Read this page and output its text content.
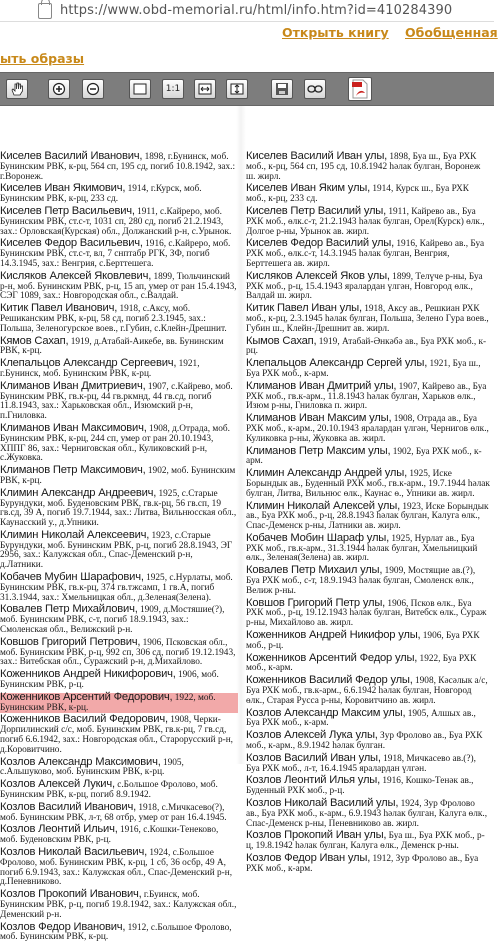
https://www.obd-memorial.ru/html/info.htm?id=410284390
Открыть книгу Обобщенная
ыть образы
1:1
Киселев Василий Иванович, 1898, г.Бунинск, моб. Бунинским РВК, к-рц, 564 сп, 195 сд, погиб 10.8.1942, зах.: г.Воронеж.
Киселев Иван Якимович, 1914, г.Курск, моб. Бунинским РВК, к-рц, 233 сд.
Киселев Петр Васильевич, 1911, с.Кайреро, моб. Бунинским РВК, ст.с-т, 1031 сп, 280 сд, погиб 21.2.1943, зах.: Орловская(Курская) обл., Должанский р-н, с.Урынок.
Киселев Федор Васильевич, 1916, с.Кайреро, моб. Бунинским РВК, ст.с-т, вл, 7 снптабр РГК, ЗФ, погиб 14.3.1945, зах.: Венгрия, с.Берттешега.
Кисляков Алексей Яковлевич, 1899, Тюльчинский р-н, моб. Бунинским РВК, р-ц, 15 ап, умер от ран 15.4.1943, СЭГ 1089, зах.: Новгородская обл., с.Валдай.
Китик Павел Иванович, 1918, с.Аксу, моб. Решиканским РВК, к-рц, 58 сд, погиб 2.3.1945, зах.: Польша, Зеленогурское воев., г.Губин, с.Клейн-Дрешнит.
Кямов Сахап, 1919, д.Атабай-Аикебе, вв. Бунинским РВК, к-рц.
Клепальцов Александр Сергеевич, 1921, г.Бунинск, моб. Бунинским РВК, к-рц.
Климанов Иван Дмитриевич, 1907, с.Кайрево, моб. Бунинским РВК, гв.к-рц, 44 гв.ркмнд, 44 гв.сд, погиб 11.8.1943, зах.: Харьковская обл., Изюмский р-н, п.Гниловка.
Климанов Иван Максимович, 1908, д.Отрада, моб. Бунинским РВК, к-рц, 244 сп, умер от ран 20.10.1943, ХППГ 86, зах.: Черниговская обл., Куликовский р-н, с.Жуковка.
Климанов Петр Максимович, 1902, моб. Бунинским РВК, к-рц.
Климин Александр Андреевич, 1925, с.Старые Бурундуки, моб. Буденовским РВК, гв.к-рц, 56 гв.сп, 19 гв.сд, 39 А, погиб 19.7.1944, зах.: Литва, Вильнюсская обл., Каунасский у., д.Упники.
Климин Николай Алексеевич, 1923, с.Старые Бурундуки, моб. Бунинским РВК, р-ц, погиб 28.8.1943, ЭГ 2956, зах.: Калужская обл., Спас-Деменский р-н, д.Латники.
Кобачев Мубин Шарафович, 1925, с.Нурлаты, моб. Бунинским РВК, гв.к-рц, 374 гв.тжсамп, 1 гв.А, погиб 31.3.1944, зах.: Хмельницкая обл., д.Зеленая(Зелена).
Ковалев Петр Михайлович, 1909, д.Мостяшие(?), моб. Бунинским РВК, с-т, погиб 18.9.1943, зах.: Смоленская обл., Велижский р-н.
Ковшов Григорий Петрович, 1906, Псковская обл., моб. Бунинским РВК, р-ц, 992 сп, 306 сд, погиб 19.12.1943, зах.: Витебская обл., Суражский р-н, д.Михайлово.
Коженников Андрей Никифорович, 1906, моб. Бунинским РВК, р-ц.
Коженников Арсентий Федорович, 1922, моб. Бунинским РВК, к-рц.
Коженников Василий Федорович, 1908, Черки-Дорпилинский с/с, моб. Бунинским РВК, гв.к-рц, 7 гв.сд, погиб 6.6.1942, зах.: Новгородская обл., Старорусский р-н, д.Коровитчино.
Козлов Александр Максимович, 1905, с.Альшуково, моб. Бунинским РВК, к-рц.
Козлов Алексей Лукич, с.Большое Фролово, моб. Бунинским РВК, к-рц, погиб 8.9.1942.
Козлов Василий Иванович, 1918, с.Мичкасево(?), моб. Бунинским РВК, л-т, 68 отбр, умер от ран 16.4.1945.
Козлов Леонтий Ильич, 1916, с.Кошки-Тенеково, моб. Буденовским РВК, р-ц.
Козлов Николай Васильевич, 1924, с.Большое Фролово, моб. Бунинским РВК, к-рц, 1 сб, 36 осбр, 49 А, погиб 6.9.1943, зах.: Калужская обл., Спас-Деменский р-н, д.Пеневниково.
Козлов Прокопий Иванович, г.Буинск, моб. Бунинским РВК, р-ц, погиб 19.8.1942, зах.: Калужская обл., Деменский р-н.
Козлов Федор Иванович, 1912, с.Большое Фролово, моб. Бунинским РВК, к-рц.
Киселев Василий Иван улы, 1898, Буа ш., Буа РХК моб., к-рц, 564 сп, 195 сд, 10.8.1942 һәлак булган, Воронеж ш. жирл.
Киселев Иван Яким улы, 1914, Курск ш., Буа РХК моб., к-рц, 233 сд.
Киселев Петр Василий улы, 1911, Кайрево ав., Буа РХК моб., өлк.с-т, 21.2.1943 һәлак булган, Орел(Курск) өлк., Долгое р-ны, Урынок ав. жирл.
Киселев Федор Василий улы, 1916, Кайрево ав., Буа РХК моб., өлк.с-т, 14.3.1945 һәлак булган, Венгрия, Берттешега ав. жирл.
Кисляков Алексей Яков улы, 1899, Телүче р-ны, Буа РХК моб., р-ц, 15.4.1943 яралардан үлгән, Новгород өлк., Валдай ш. жирл.
Китик Павел Иван улы, 1918, Аксу ав., Решкиан РХК моб., к-рц, 2.3.1945 һәлак булган, Польша, Зелено Гура воев., Губин ш., Клейн-Дрешнит ав. жирл.
Кымов Сахап, 1919, Атабай-Әнкәбә ав., Буа РХК моб., к-рц.
Клепальцов Александр Сергей улы, 1921, Буа ш., Буа РХК моб., к-арм.
Климанов Иван Дмитрий улы, 1907, Кайрево ав., Буа РХК моб., гв.к-арм., 11.8.1943 һәлак булган, Харьков өлк., Изюм р-ны, Гниловка п. жирл.
Климанов Иван Максим улы, 1908, Отрада ав., Буа РХК моб., к-арм., 20.10.1943 яралардан үлгән, Чернигов өлк., Куликовка р-ны, Жуковка ав. жирл.
Климанов Петр Максим улы, 1902, Буа РХК моб., к-арм.
Климин Александр Андрей улы, 1925, Иске Борындык ав., Буденный РХК моб., гв.к-арм., 19.7.1944 һәлак булган, Литва, Вильнюс өлк., Каунас ө., Упники ав. жирл.
Климин Николай Алексей улы, 1923, Иске Борындык ав., Буа РХК моб., р-ц, 28.8.1943 һәлак булган, Калуга өлк., Спас-Деменск р-ны, Латники ав. жирл.
Кобачев Мобин Шараф улы, 1925, Нурлат ав., Буа РХК моб., гв.к-арм., 31.3.1944 һәлак булган, Хмельницкий өлк., Зеленая(Зелена) ав. жирл.
Ковалев Петр Михаил улы, 1909, Мостящие ав.(?), Буа РХК моб., с-т, 18.9.1943 һәлак булган, Смоленск өлк., Велиж р-ны.
Ковшов Григорий Петр улы, 1906, Псков өлк., Буа РХК моб., р-ц, 19.12.1943 һәлак булган, Витебск өлк., Сураж р-ны, Михайлово ав. жирл.
Коженников Андрей Никифор улы, 1906, Буа РХК моб., р-ц.
Коженников Арсентий Федор улы, 1922, Буа РХК моб., к-арм.
Коженников Василий Федор улы, 1908, Кәсәлык а/с, Буа РХК моб., гв.к-арм., 6.6.1942 һәлак булган, Новгород өлк., Старая Русса р-ны, Коровитчино ав. жирл.
Козлов Александр Максим улы, 1905, Алшых ав., Буа РХК моб., к-арм.
Козлов Алексей Лука улы, Зур Фролово ав., Буа РХК моб., к-арм., 8.9.1942 һәлак булган.
Козлов Василий Иван улы, 1918, Мичкасево ав.(?), Буа РХК моб., л-т, 16.4.1945 яралардан үлгән.
Козлов Леонтий Илья улы, 1916, Кошко-Тенәк ав., Буденный РХК моб., р-ц.
Козлов Николай Василий улы, 1924, Зур Фролово ав., Буа РХК моб., к-арм., 6.9.1943 һәлак булган, Калуга өлк., Спас-Деменск р-ны, Пеневниково ав. жирл.
Козлов Прокопий Иван улы, Буа ш., Буа РХК моб., р-ц, 19.8.1942 һәлак булган, Калуга өлк., Деменск р-ны.
Козлов Федор Иван улы, 1912, Зур Фролово ав., Буа РХК моб., к-арм.
